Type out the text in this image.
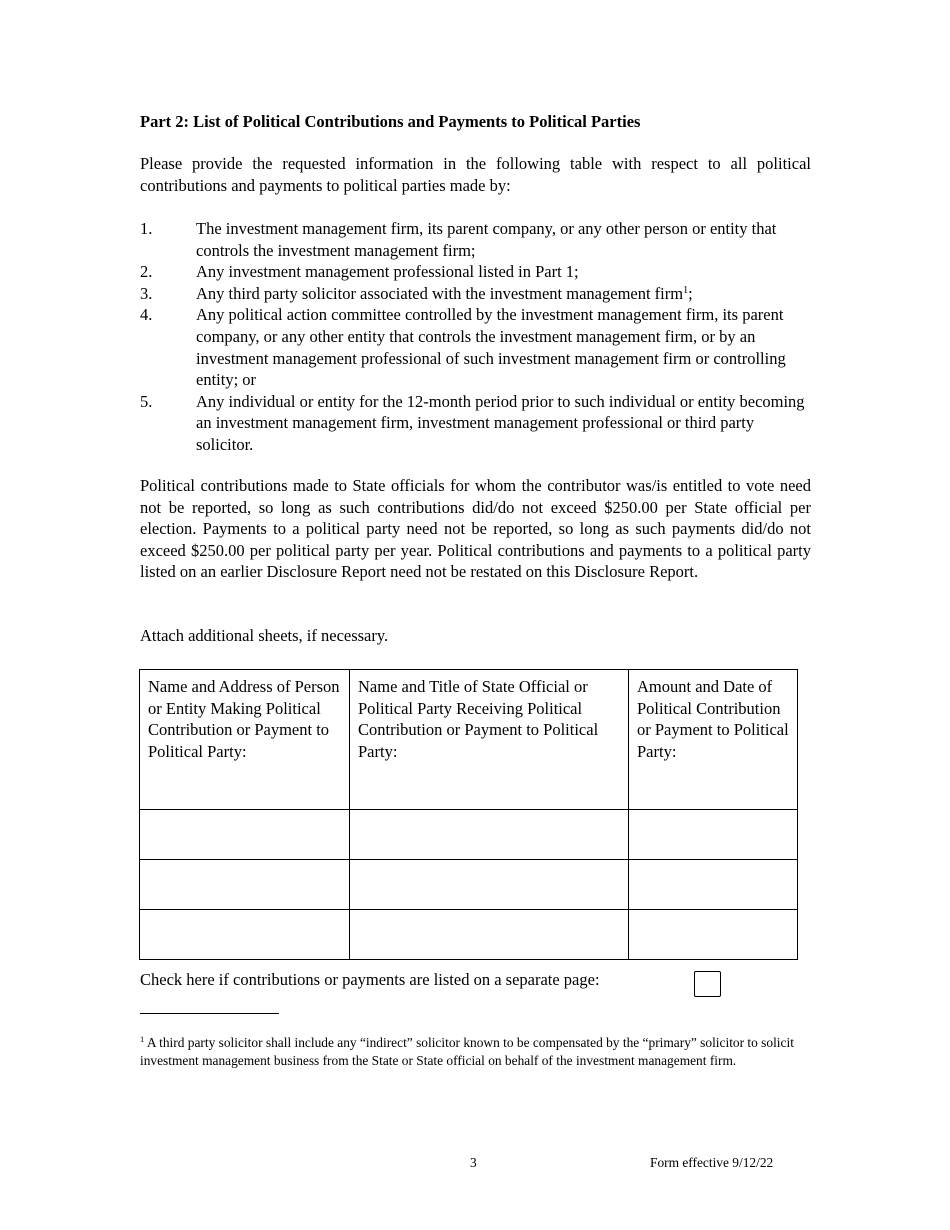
Part 2: List of Political Contributions and Payments to Political Parties

Please provide the requested information in the following table with respect to all political contributions and payments to political parties made by:

1.	The investment management firm, its parent company, or any other person or entity that controls the investment management firm;
2.	Any investment management professional listed in Part 1;
3.	Any third party solicitor associated with the investment management firm$^1$;
4.	Any political action committee controlled by the investment management firm, its parent company, or any other entity that controls the investment management firm, or by an investment management professional of such investment management firm or controlling entity; or
5.	Any individual or entity for the 12-month period prior to such individual or entity becoming an investment management firm, investment management professional or third party solicitor.

Political contributions made to State officials for whom the contributor was/is entitled to vote need not be reported, so long as such contributions did/do not exceed $250.00 per State official per election. Payments to a political party need not be reported, so long as such payments did/do not exceed $250.00 per political party per year. Political contributions and payments to a political party listed on an earlier Disclosure Report need not be restated on this Disclosure Report.

Attach additional sheets, if necessary.

Name and Address of Person or Entity Making Political Contribution or Payment to Political Party:	Name and Title of State Official or Political Party Receiving Political Contribution or Payment to Political Party:	Amount and Date of Political Contribution or Payment to Political Party:

Check here if contributions or payments are listed on a separate page:

$^1$ A third party solicitor shall include any “indirect” solicitor known to be compensated by the “primary” solicitor to solicit investment management business from the State or State official on behalf of the investment management firm.

3	Form effective 9/12/22
